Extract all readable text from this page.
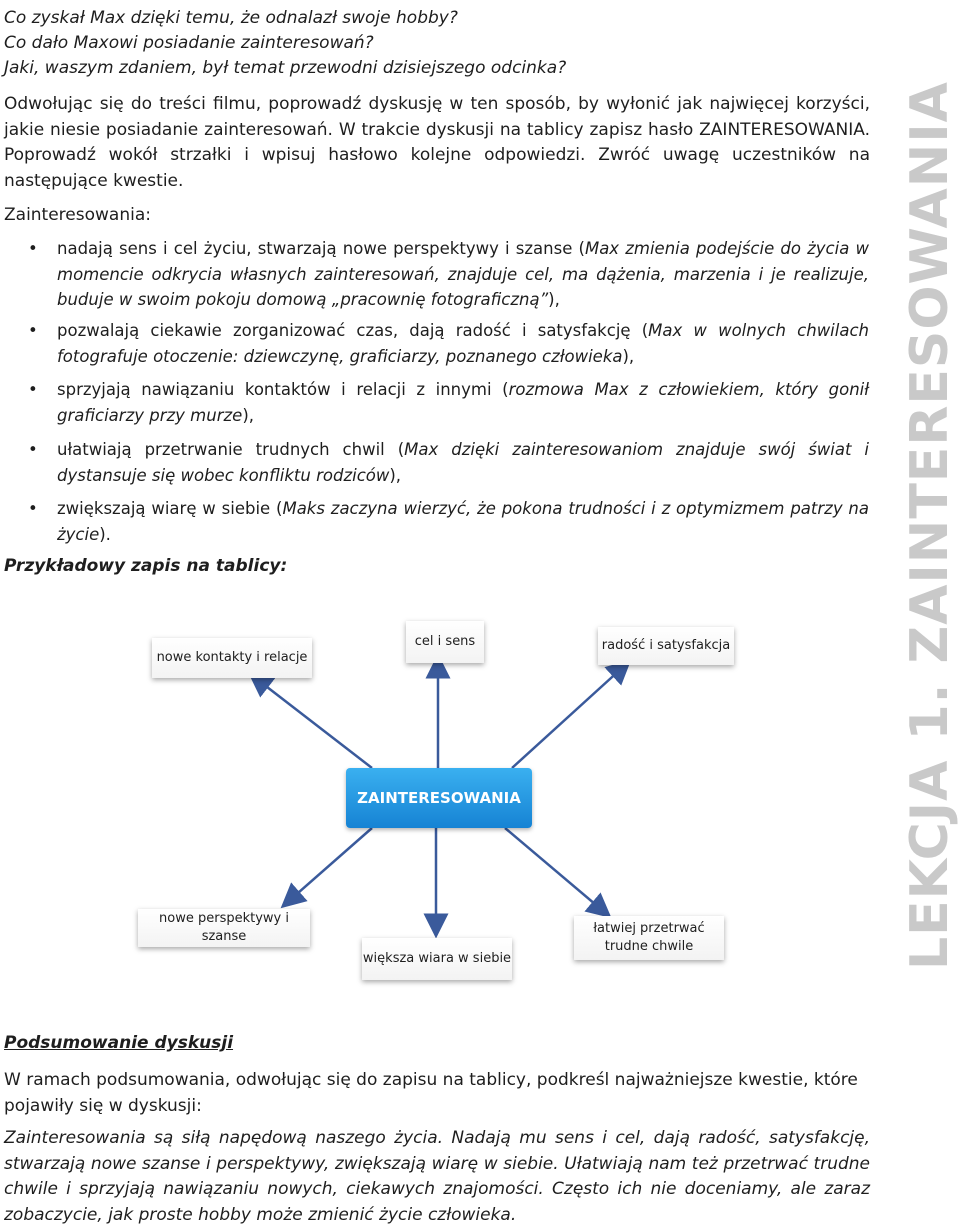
Co zyskał Max dzięki temu, że odnalazł swoje hobby?
Co dało Maxowi posiadanie zainteresowań?
Jaki, waszym zdaniem, był temat przewodni dzisiejszego odcinka?
Odwołując się do treści filmu, poprowadź dyskusję w ten sposób, by wyłonić jak najwięcej korzyści, jakie niesie posiadanie zainteresowań. W trakcie dyskusji na tablicy zapisz hasło ZAINTERESOWANIA. Poprowadź wokół strzałki i wpisuj hasłowo kolejne odpowiedzi. Zwróć uwagę uczestników na następujące kwestie.
Zainteresowania:
• nadają sens i cel życiu, stwarzają nowe perspektywy i szanse (Max zmienia podejście do życia w momencie odkrycia własnych zainteresowań, znajduje cel, ma dążenia, marzenia i je realizuje, buduje w swoim pokoju domową „pracownię fotograficzną”),
• pozwalają ciekawie zorganizować czas, dają radość i satysfakcję (Max w wolnych chwilach fotografuje otoczenie: dziewczynę, graficiarzy, poznanego człowieka),
• sprzyjają nawiązaniu kontaktów i relacji z innymi (rozmowa Max z człowiekiem, który gonił graficiarzy przy murze),
• ułatwiają przetrwanie trudnych chwil (Max dzięki zainteresowaniom znajduje swój świat i dystansuje się wobec konfliktu rodziców),
• zwiększają wiarę w siebie (Maks zaczyna wierzyć, że pokona trudności i z optymizmem patrzy na życie).
Przykładowy zapis na tablicy:
nowe kontakty i relacje
cel i sens	radość i satysfakcja
ZAINTERESOWANIA
nowe perspektywy i szanse
większa wiara w siebie
łatwiej przetrwać
trudne chwile	LEKCJA 1. ZAINTERESOWANIA
Podsumowanie dyskusji
W ramach podsumowania, odwołując się do zapisu na tablicy, podkreśl najważniejsze kwestie, które pojawiły się w dyskusji:
Zainteresowania są siłą napędową naszego życia. Nadają mu sens i cel, dają radość, satysfakcję, stwarzają nowe szanse i perspektywy, zwiększają wiarę w siebie. Ułatwiają nam też przetrwać trudne chwile i sprzyjają nawiązaniu nowych, ciekawych znajomości. Często ich nie doceniamy, ale zaraz zobaczycie, jak proste hobby może zmienić życie człowieka.
